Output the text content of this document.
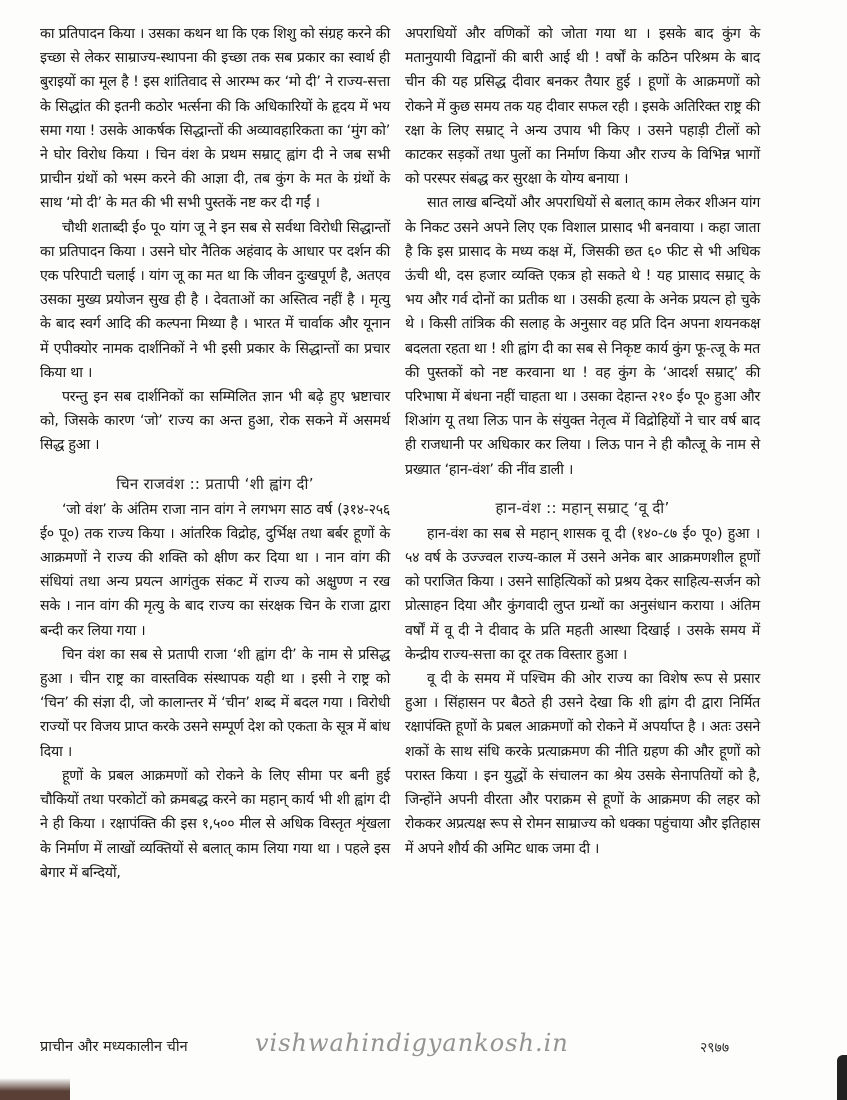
का प्रतिपादन किया । उसका कथन था कि एक शिशु को संग्रह करने की इच्छा से लेकर साम्राज्य-स्थापना की इच्छा तक सब प्रकार का स्वार्थ ही बुराइयों का मूल है ! इस शांतिवाद से आरम्भ कर ‘मो दी’ ने राज्य-सत्ता के सिद्धांत की इतनी कठोर भर्त्सना की कि अधिकारियों के हृदय में भय समा गया ! उसके आकर्षक सिद्धान्तों की अव्यावहारिकता का ‘मुंग को’ ने घोर विरोध किया । चिन वंश के प्रथम सम्राट् ह्वांग दी ने जब सभी प्राचीन ग्रंथों को भस्म करने की आज्ञा दी, तब कुंग के मत के ग्रंथों के साथ ‘मो दी’ के मत की भी सभी पुस्तकें नष्ट कर दी गईं ।

चौथी शताब्दी ई० पू० यांग जू ने इन सब से सर्वथा विरोधी सिद्धान्तों का प्रतिपादन किया । उसने घोर नैतिक अहंवाद के आधार पर दर्शन की एक परिपाटी चलाई । यांग जू का मत था कि जीवन दुःखपूर्ण है, अतएव उसका मुख्य प्रयोजन सुख ही है । देवताओं का अस्तित्व नहीं है । मृत्यु के बाद स्वर्ग आदि की कल्पना मिथ्या है । भारत में चार्वाक और यूनान में एपीक्योर नामक दार्शनिकों ने भी इसी प्रकार के सिद्धान्तों का प्रचार किया था ।

परन्तु इन सब दार्शनिकों का सम्मिलित ज्ञान भी बढ़े हुए भ्रष्टाचार को, जिसके कारण ‘जो’ राज्य का अन्त हुआ, रोक सकने में असमर्थ सिद्ध हुआ ।

चिन राजवंश :: प्रतापी ‘शी ह्वांग दी’

‘जो वंश’ के अंतिम राजा नान वांग ने लगभग साठ वर्ष (३१४-२५६ ई० पू०) तक राज्य किया । आंतरिक विद्रोह, दुर्भिक्ष तथा बर्बर हूणों के आक्रमणों ने राज्य की शक्ति को क्षीण कर दिया था । नान वांग की संधियां तथा अन्य प्रयत्न आगंतुक संकट में राज्य को अक्षुण्ण न रख सके । नान वांग की मृत्यु के बाद राज्य का संरक्षक चिन के राजा द्वारा बन्दी कर लिया गया ।

चिन वंश का सब से प्रतापी राजा ‘शी ह्वांग दी’ के नाम से प्रसिद्ध हुआ । चीन राष्ट्र का वास्तविक संस्थापक यही था । इसी ने राष्ट्र को ‘चिन’ की संज्ञा दी, जो कालान्तर में ‘चीन’ शब्द में बदल गया । विरोधी राज्यों पर विजय प्राप्त करके उसने सम्पूर्ण देश को एकता के सूत्र में बांध दिया ।

हूणों के प्रबल आक्रमणों को रोकने के लिए सीमा पर बनी हुई चौकियों तथा परकोटों को क्रमबद्ध करने का महान् कार्य भी शी ह्वांग दी ने ही किया । रक्षापंक्ति की इस १,५०० मील से अधिक विस्तृत शृंखला के निर्माण में लाखों व्यक्तियों से बलात् काम लिया गया था । पहले इस बेगार में बन्दियों,

अपराधियों और वणिकों को जोता गया था । इसके बाद कुंग के मतानुयायी विद्वानों की बारी आई थी ! वर्षों के कठिन परिश्रम के बाद चीन की यह प्रसिद्ध दीवार बनकर तैयार हुई । हूणों के आक्रमणों को रोकने में कुछ समय तक यह दीवार सफल रही । इसके अतिरिक्त राष्ट्र की रक्षा के लिए सम्राट् ने अन्य उपाय भी किए । उसने पहाड़ी टीलों को काटकर सड़कों तथा पुलों का निर्माण किया और राज्य के विभिन्न भागों को परस्पर संबद्ध कर सुरक्षा के योग्य बनाया ।

सात लाख बन्दियों और अपराधियों से बलात् काम लेकर शीअन यांग के निकट उसने अपने लिए एक विशाल प्रासाद भी बनवाया । कहा जाता है कि इस प्रासाद के मध्य कक्ष में, जिसकी छत ६० फीट से भी अधिक ऊंची थी, दस हजार व्यक्ति एकत्र हो सकते थे ! यह प्रासाद सम्राट् के भय और गर्व दोनों का प्रतीक था । उसकी हत्या के अनेक प्रयत्न हो चुके थे । किसी तांत्रिक की सलाह के अनुसार वह प्रति दिन अपना शयनकक्ष बदलता रहता था ! शी ह्वांग दी का सब से निकृष्ट कार्य कुंग फू-त्जू के मत की पुस्तकों को नष्ट करवाना था ! वह कुंग के ‘आदर्श सम्राट्’ की परिभाषा में बंधना नहीं चाहता था । उसका देहान्त २१० ई० पू० हुआ और शिआंग यू तथा लिऊ पान के संयुक्त नेतृत्व में विद्रोहियों ने चार वर्ष बाद ही राजधानी पर अधिकार कर लिया । लिऊ पान ने ही कौत्जू के नाम से प्रख्यात ‘हान-वंश’ की नींव डाली ।

हान-वंश :: महान् सम्राट् ‘वू दी’

हान-वंश का सब से महान् शासक वू दी (१४०-८७ ई० पू०) हुआ । ५४ वर्ष के उज्ज्वल राज्य-काल में उसने अनेक बार आक्रमणशील हूणों को पराजित किया । उसने साहित्यिकों को प्रश्रय देकर साहित्य-सर्जन को प्रोत्साहन दिया और कुंगवादी लुप्त ग्रन्थों का अनुसंधान कराया । अंतिम वर्षों में वू दी ने दीवाद के प्रति महती आस्था दिखाई । उसके समय में केन्द्रीय राज्य-सत्ता का दूर तक विस्तार हुआ ।

वू दी के समय में पश्चिम की ओर राज्य का विशेष रूप से प्रसार हुआ । सिंहासन पर बैठते ही उसने देखा कि शी ह्वांग दी द्वारा निर्मित रक्षापंक्ति हूणों के प्रबल आक्रमणों को रोकने में अपर्याप्त है । अतः उसने शकों के साथ संधि करके प्रत्याक्रमण की नीति ग्रहण की और हूणों को परास्त किया । इन युद्धों के संचालन का श्रेय उसके सेनापतियों को है, जिन्होंने अपनी वीरता और पराक्रम से हूणों के आक्रमण की लहर को रोककर अप्रत्यक्ष रूप से रोमन साम्राज्य को धक्का पहुंचाया और इतिहास में अपने शौर्य की अमिट धाक जमा दी ।

प्राचीन और मध्यकालीन चीन	vishwahindigyankosh.in	२९७७
